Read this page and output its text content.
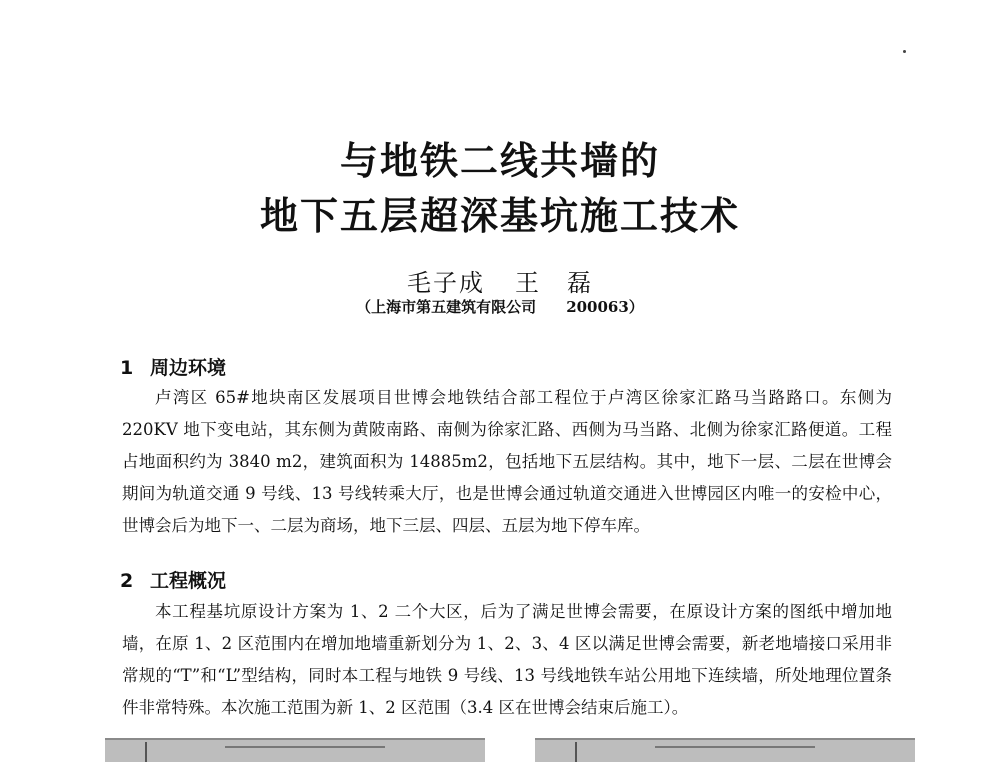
与地铁二线共墙的
地下五层超深基坑施工技术
毛子成 王　磊
（上海市第五建筑有限公司 200063）
1 周边环境
卢湾区 65#地块南区发展项目世博会地铁结合部工程位于卢湾区徐家汇路马当路路口。东侧为220KV 地下变电站，其东侧为黄陂南路、南侧为徐家汇路、西侧为马当路、北侧为徐家汇路便道。工程占地面积约为 3840 m2，建筑面积为 14885m2，包括地下五层结构。其中，地下一层、二层在世博会期间为轨道交通 9 号线、13 号线转乘大厅，也是世博会通过轨道交通进入世博园区内唯一的安检中心，世博会后为地下一、二层为商场，地下三层、四层、五层为地下停车库。
2 工程概况
本工程基坑原设计方案为 1、2 二个大区，后为了满足世博会需要，在原设计方案的图纸中增加地墙，在原 1、2 区范围内在增加地墙重新划分为 1、2、3、4 区以满足世博会需要，新老地墙接口采用非常规的“T”和“L”型结构，同时本工程与地铁 9 号线、13 号线地铁车站公用地下连续墙，所处地理位置条件非常特殊。本次施工范围为新 1、2 区范围（3.4 区在世博会结束后施工）。
